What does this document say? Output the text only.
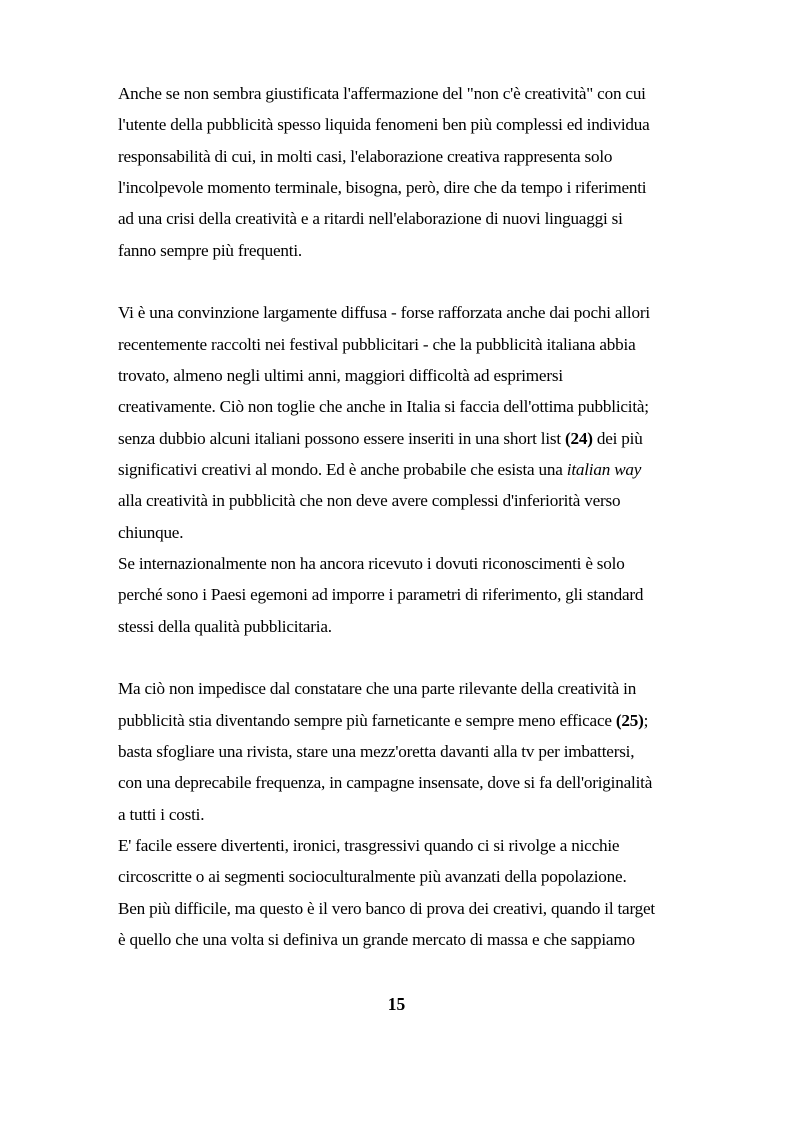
Anche se non sembra giustificata l'affermazione del "non c'è creatività" con cui
l'utente della pubblicità spesso liquida fenomeni ben più complessi ed individua
responsabilità di cui, in molti casi, l'elaborazione creativa rappresenta solo
l'incolpevole momento terminale, bisogna, però, dire che da tempo i riferimenti
ad una crisi della creatività e a ritardi nell'elaborazione di nuovi linguaggi si
fanno sempre più frequenti.
Vi è una convinzione largamente diffusa - forse rafforzata anche dai pochi allori
recentemente raccolti nei festival pubblicitari - che la pubblicità italiana abbia
trovato, almeno negli ultimi anni, maggiori difficoltà ad esprimersi
creativamente. Ciò non toglie che anche in Italia si faccia dell'ottima pubblicità;
senza dubbio alcuni italiani possono essere inseriti in una short list (24) dei più
significativi creativi al mondo. Ed è anche probabile che esista una italian way
alla creatività in pubblicità che non deve avere complessi d'inferiorità verso
chiunque.
Se internazionalmente non ha ancora ricevuto i dovuti riconoscimenti è solo
perché sono i Paesi egemoni ad imporre i parametri di riferimento, gli standard
stessi della qualità pubblicitaria.
Ma ciò non impedisce dal constatare che una parte rilevante della creatività in
pubblicità stia diventando sempre più farneticante e sempre meno efficace (25);
basta sfogliare una rivista, stare una mezz'oretta davanti alla tv per imbattersi,
con una deprecabile frequenza, in campagne insensate, dove si fa dell'originalità
a tutti i costi.
E' facile essere divertenti, ironici, trasgressivi quando ci si rivolge a nicchie
circoscritte o ai segmenti socioculturalmente più avanzati della popolazione.
Ben più difficile, ma questo è il vero banco di prova dei creativi, quando il target
è quello che una volta si definiva un grande mercato di massa e che sappiamo
15
